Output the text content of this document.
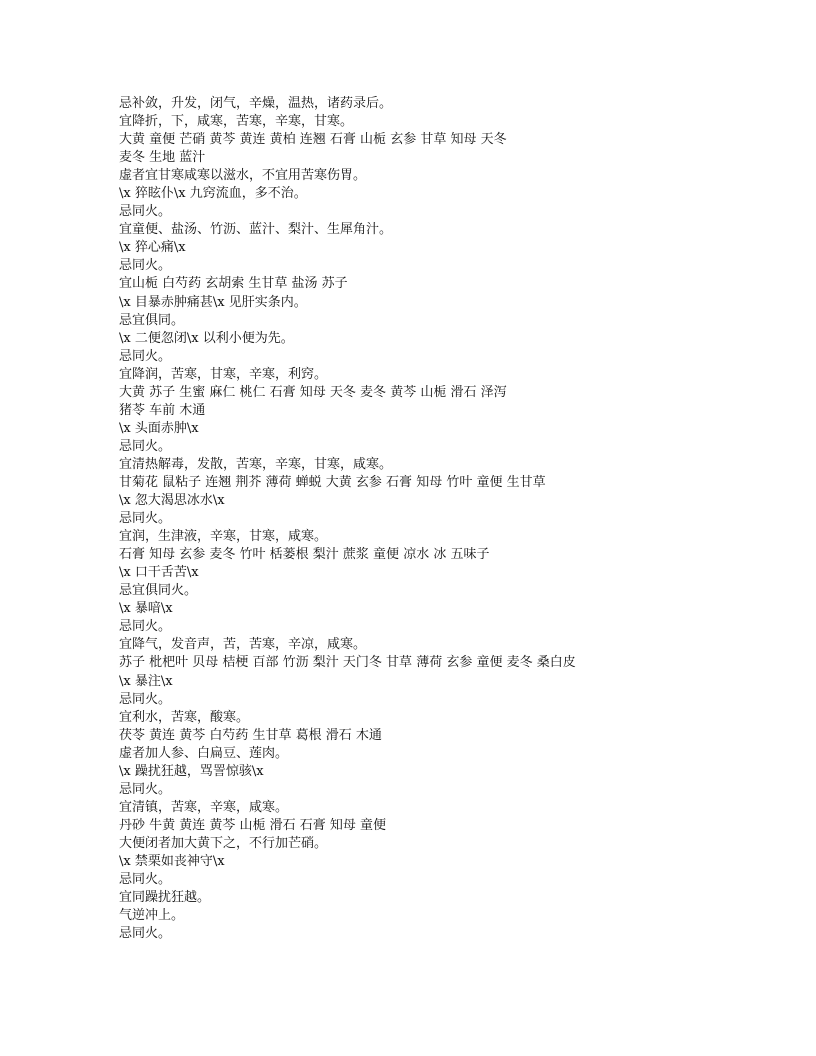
忌补敛，升发，闭气，辛燥，温热，诸药录后。
宜降折，下，咸寒，苦寒，辛寒，甘寒。
大黄 童便 芒硝 黄芩 黄连 黄柏 连翘 石膏 山栀 玄参 甘草 知母 天冬
麦冬 生地 蓝汁
虚者宜甘寒咸寒以滋水，不宜用苦寒伤胃。
\x 猝眩仆\x 九窍流血，多不治。
忌同火。
宜童便、盐汤、竹沥、蓝汁、梨汁、生犀角汁。
\x 猝心痛\x
忌同火。
宜山栀 白芍药 玄胡索 生甘草 盐汤 苏子
\x 目暴赤肿痛甚\x 见肝实条内。
忌宜俱同。
\x 二便忽闭\x 以利小便为先。
忌同火。
宜降润，苦寒，甘寒，辛寒，利窍。
大黄 苏子 生蜜 麻仁 桃仁 石膏 知母 天冬 麦冬 黄芩 山栀 滑石 泽泻
猪苓 车前 木通
\x 头面赤肿\x
忌同火。
宜清热解毒，发散，苦寒，辛寒，甘寒，咸寒。
甘菊花 鼠粘子 连翘 荆芥 薄荷 蝉蜕 大黄 玄参 石膏 知母 竹叶 童便 生甘草
\x 忽大渴思冰水\x
忌同火。
宜润，生津液，辛寒，甘寒，咸寒。
石膏 知母 玄参 麦冬 竹叶 栝蒌根 梨汁 蔗浆 童便 凉水 冰 五味子
\x 口干舌苦\x
忌宜俱同火。
\x 暴喑\x
忌同火。
宜降气，发音声，苦，苦寒，辛凉，咸寒。
苏子 枇杷叶 贝母 桔梗 百部 竹沥 梨汁 天门冬 甘草 薄荷 玄参 童便 麦冬 桑白皮
\x 暴注\x
忌同火。
宜利水，苦寒，酸寒。
茯苓 黄连 黄芩 白芍药 生甘草 葛根 滑石 木通
虚者加人参、白扁豆、莲肉。
\x 躁扰狂越，骂詈惊骇\x
忌同火。
宜清镇，苦寒，辛寒，咸寒。
丹砂 牛黄 黄连 黄芩 山栀 滑石 石膏 知母 童便
大便闭者加大黄下之，不行加芒硝。
\x 禁栗如丧神守\x
忌同火。
宜同躁扰狂越。
气逆冲上。
忌同火。
